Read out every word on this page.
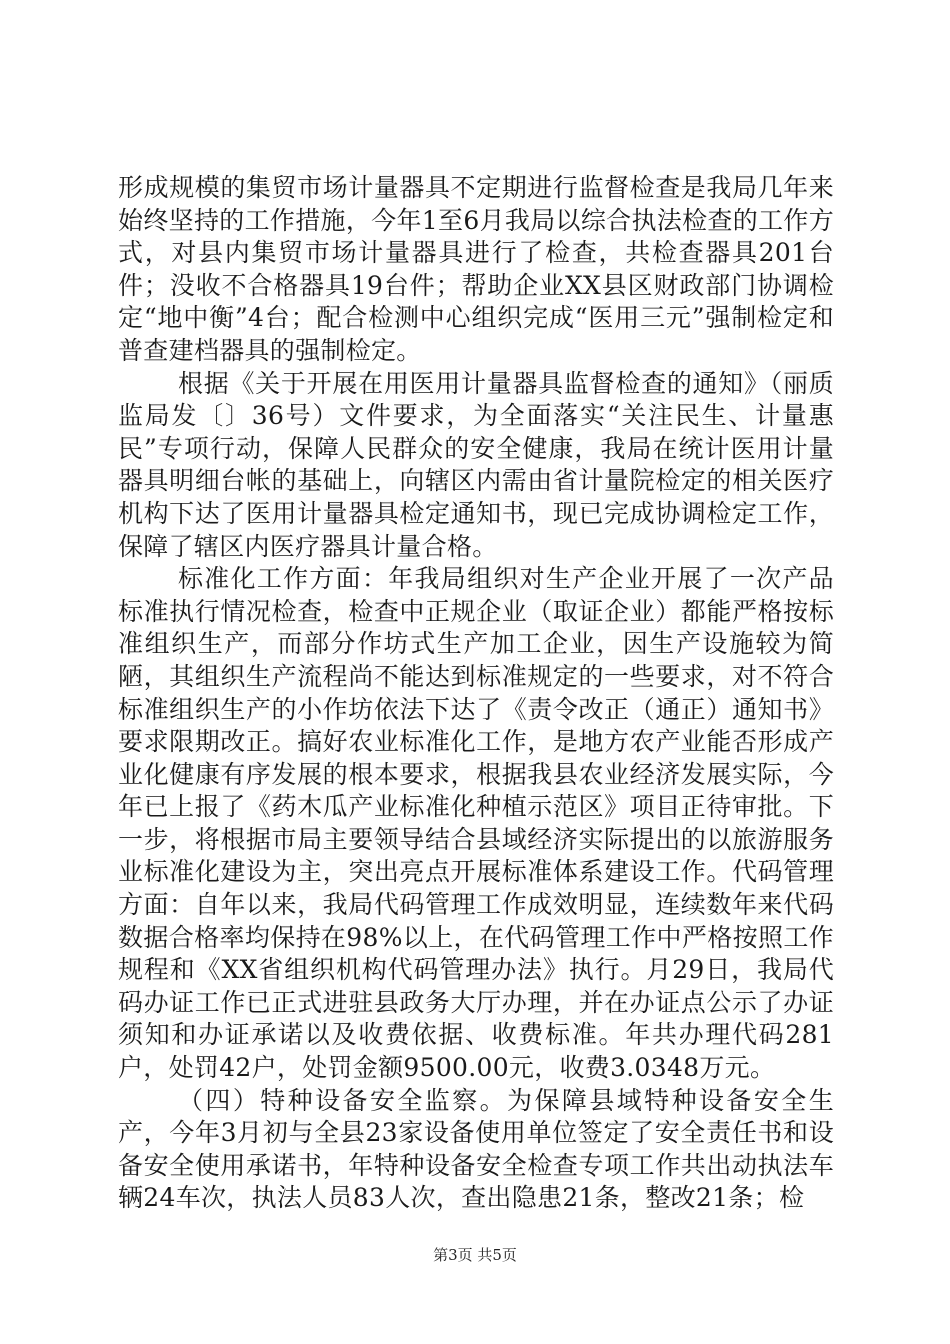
形成规模的集贸市场计量器具不定期进行监督检查是我局几年来始终坚持的工作措施，今年1至6月我局以综合执法检查的工作方式，对县内集贸市场计量器具进行了检查，共检查器具201台件；没收不合格器具19台件；帮助企业XX县区财政部门协调检定“地中衡”4台；配合检测中心组织完成“医用三元”强制检定和普查建档器具的强制检定。

根据《关于开展在用医用计量器具监督检查的通知》（丽质监局发〔〕36号）文件要求，为全面落实“关注民生、计量惠民”专项行动，保障人民群众的安全健康，我局在统计医用计量器具明细台帐的基础上，向辖区内需由省计量院检定的相关医疗机构下达了医用计量器具检定通知书，现已完成协调检定工作，保障了辖区内医疗器具计量合格。

标准化工作方面：年我局组织对生产企业开展了一次产品标准执行情况检查，检查中正规企业（取证企业）都能严格按标准组织生产，而部分作坊式生产加工企业，因生产设施较为简陋，其组织生产流程尚不能达到标准规定的一些要求，对不符合标准组织生产的小作坊依法下达了《责令改正（通正）通知书》要求限期改正。搞好农业标准化工作，是地方农产业能否形成产业化健康有序发展的根本要求，根据我县农业经济发展实际，今年已上报了《药木瓜产业标准化种植示范区》项目正待审批。下一步，将根据市局主要领导结合县域经济实际提出的以旅游服务业标准化建设为主，突出亮点开展标准体系建设工作。代码管理方面：自年以来，我局代码管理工作成效明显，连续数年来代码数据合格率均保持在98%以上，在代码管理工作中严格按照工作规程和《XX省组织机构代码管理办法》执行。月29日，我局代码办证工作已正式进驻县政务大厅办理，并在办证点公示了办证须知和办证承诺以及收费依据、收费标准。年共办理代码281户，处罚42户，处罚金额9500.00元，收费3.0348万元。

（四）特种设备安全监察。为保障县域特种设备安全生产，今年3月初与全县23家设备使用单位签定了安全责任书和设备安全使用承诺书，年特种设备安全检查专项工作共出动执法车辆24车次，执法人员83人次，查出隐患21条，整改21条；检

第3页 共5页
